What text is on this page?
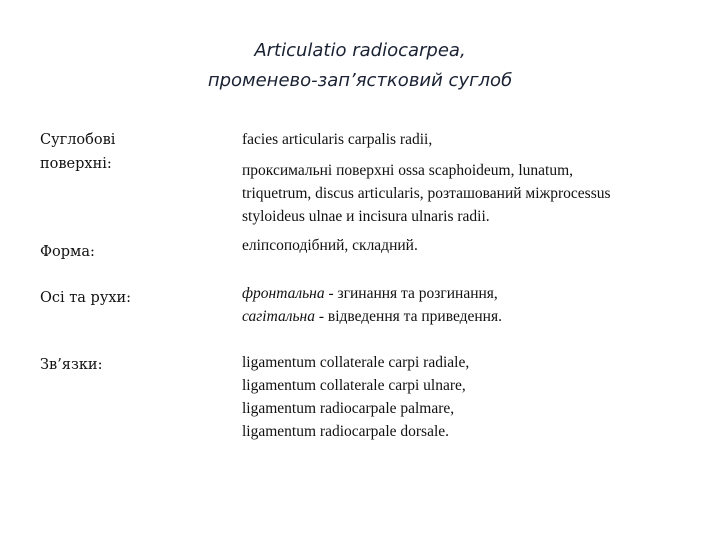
Articulatio radiocarpea,
променево-зап’ястковий суглоб
Суглобові
поверхні:
facies articularis carpalis radii,
проксимальні поверхні ossa scaphoideum, lunatum,
triquetrum, discus articularis, розташований міжprocessus
styloideus ulnae и incisura ulnaris radii.
Форма:	еліпсоподібний, складний.
Осі та рухи:	фронтальна - згинання та розгинання,
сагітальна - відведення та приведення.
Зв’язки:	ligamentum collaterale carpi radiale,
ligamentum collaterale carpi ulnare,
ligamentum radiocarpale palmare,
ligamentum radiocarpale dorsale.
